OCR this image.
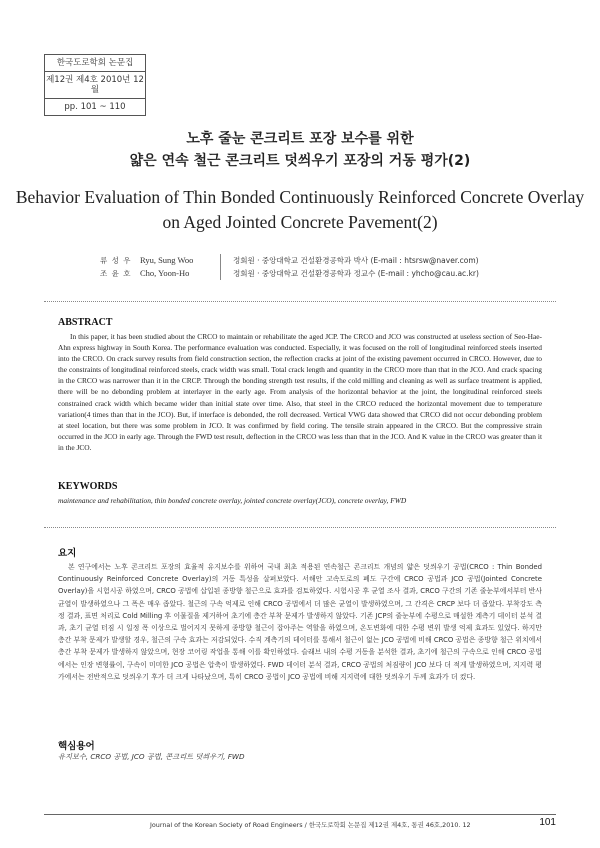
한국도로학회 논문집
제12권 제4호 2010년 12월
pp. 101 ~ 110
노후 줄눈 콘크리트 포장 보수를 위한
얇은 연속 철근 콘크리트 덧씌우기 포장의 거동 평가(2)
Behavior Evaluation of Thin Bonded Continuously Reinforced Concrete Overlay
on Aged Jointed Concrete Pavement(2)
류 성 우 Ryu, Sung Woo	정회원 · 중앙대학교 건설환경공학과 박사 (E-mail : htsrsw@naver.com)
조 윤 호 Cho, Yoon-Ho	정회원 · 중앙대학교 건설환경공학과 정교수 (E-mail : yhcho@cau.ac.kr)
ABSTRACT
In this paper, it has been studied about the CRCO to maintain or rehabilitate the aged JCP. The CRCO and JCO was constructed at useless section of Seo-Hae-Ahn express highway in South Korea. The performance evaluation was conducted. Especially, it was focused on the roll of longitudinal reinforced steels inserted into the CRCO. On crack survey results from field construction section, the reflection cracks at joint of the existing pavement occurred in CRCO. However, due to the constraints of longitudinal reinforced steels, crack width was small. Total crack length and quantity in the CRCO more than that in the JCO. And crack spacing in the CRCO was narrower than it in the CRCP. Through the bonding strength test results, if the cold milling and cleaning as well as surface treatment is applied, there will be no debonding problem at interlayer in the early age. From analysis of the horizontal behavior at the joint, the longitudinal reinforced steels constrained crack width which became wider than initial state over time. Also, that steel in the CRCO reduced the horizontal movement due to temperature variation(4 times than that in the JCO). But, if interface is debonded, the roll decreased. Vertical VWG data showed that CRCO did not occur debonding problem at steel location, but there was some problem in JCO. It was confirmed by field coring. The tensile strain appeared in the CRCO. But the compressive strain occurred in the JCO in early age. Through the FWD test result, deflection in the CRCO was less than that in the JCO. And K value in the CRCO was greater than it in the JCO.
KEYWORDS
maintenance and rehabilitation, thin bonded concrete overlay, jointed concrete overlay(JCO), concrete overlay, FWD
요지
본 연구에서는 노후 콘크리트 포장의 효율적 유지보수를 위하여 국내 최초 적용된 연속철근 콘크리트 개념의 얇은 덧씌우기 공법(CRCO : Thin Bonded Continuously Reinforced Concrete Overlay)의 거동 특성을 살펴보았다. 서해안 고속도로의 폐도 구간에 CRCO 공법과 JCO 공법(Jointed Concrete Overlay)을 시험시공 하였으며, CRCO 공법에 삽입된 종방향 철근으로 효과를 검토하였다. 시험시공 후 균열 조사 결과, CRCO 구간의 기존 줄눈부에서부터 반사 균열이 발생하였으나 그 폭은 매우 좁았다. 철근의 구속 억제로 인해 CRCO 공법에서 더 많은 균열이 발생하였으며, 그 간격은 CRCP 보다 더 좁았다. 부착강도 측정 결과, 표면 처리로 Cold Milling 후 이물질을 제거하여 초기에 층간 부착 문제가 발생하지 않았다. 기존 JCP의 줄눈부에 수평으로 매설한 계측기 데이터 분석 결과, 초기 균열 터짐 시 일정 폭 이상으로 벌어지지 못하게 종방향 철근이 잡아주는 역할을 하였으며, 온도변화에 대한 수평 변위 발생 억제 효과도 있었다. 하지만 층간 부착 문제가 발생할 경우, 철근의 구속 효과는 저감되었다. 수직 계측기의 데이터를 통해서 철근이 없는 JCO 공법에 비해 CRCO 공법은 종방향 철근 위치에서 층간 부착 문제가 발생하지 않았으며, 현장 코어링 작업을 통해 이를 확인하였다. 슬래브 내의 수평 거동을 분석한 결과, 초기에 철근의 구속으로 인해 CRCO 공법에서는 인장 변형률이, 구속이 미미한 JCO 공법은 압축이 발생하였다. FWD 데이터 분석 결과, CRCO 공법의 처짐량이 JCO 보다 더 적게 발생하였으며, 지지력 평가에서는 전반적으로 덧씌우기 후가 더 크게 나타났으며, 특히 CRCO 공법이 JCO 공법에 비해 지지력에 대한 덧씌우기 두께 효과가 더 컸다.
핵심용어
유지보수, CRCO 공법, JCO 공법, 콘크리트 덧씌우기, FWD
Journal of the Korean Society of Road Engineers / 한국도로학회 논문집 제12권 제4호, 통권 46호,2010. 12	101
